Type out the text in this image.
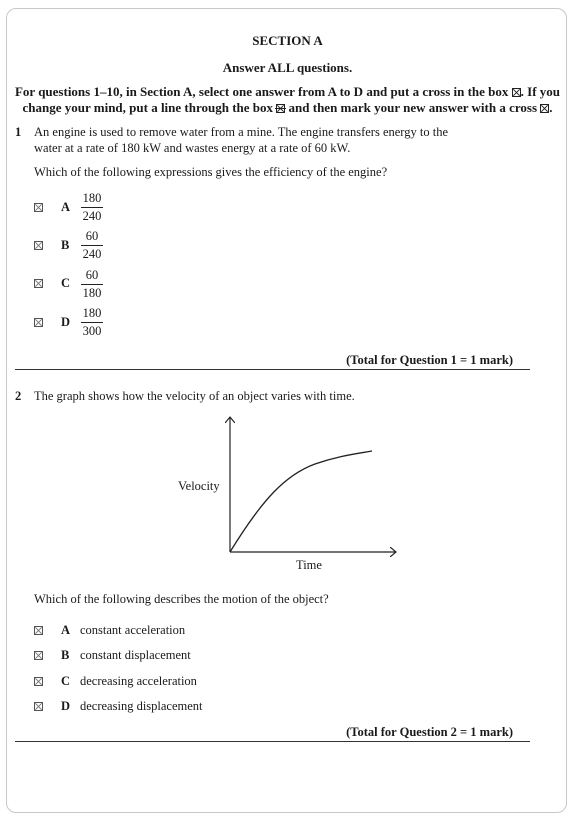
SECTION A
Answer ALL questions.
For questions 1–10, in Section A, select one answer from A to D and put a cross in the box ☒. If you
change your mind, put a line through the box and then mark your new answer with a cross ☒.
1 An engine is used to remove water from a mine. The engine transfers energy to the
water at a rate of 180 kW and wastes energy at a rate of 60 kW.
Which of the following expressions gives the efficiency of the engine?
A
180
240
B
60
240
C
60
180
D
180
300
(Total for Question 1 = 1 mark)
2 The graph shows how the velocity of an object varies with time.
Velocity
Time
Which of the following describes the motion of the object?
A constant acceleration
B constant displacement
C decreasing acceleration
D decreasing displacement
(Total for Question 2 = 1 mark)
